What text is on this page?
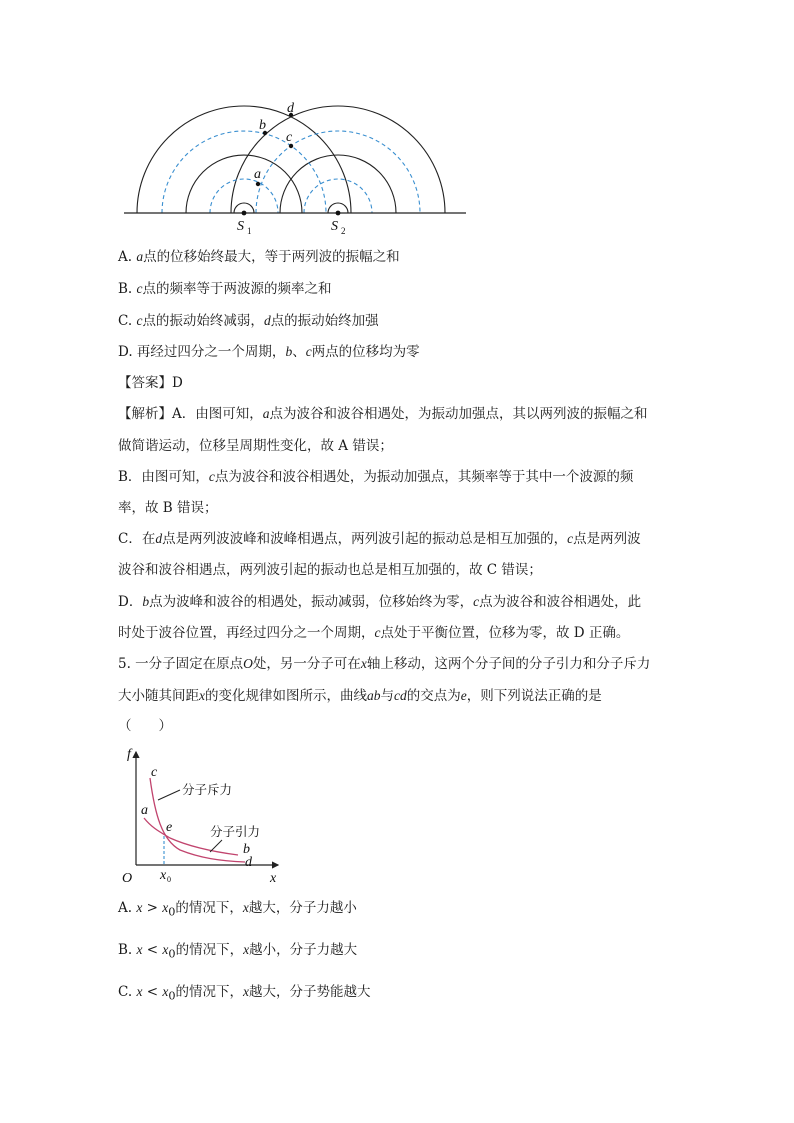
d
b
c
a
S	S
1	2
A. a点的位移始终最大，等于两列波的振幅之和
B. c点的频率等于两波源的频率之和
C. c点的振动始终减弱，d点的振动始终加强
D. 再经过四分之一个周期，b、c两点的位移均为零
【答案】D
【解析】A．由图可知，a点为波谷和波谷相遇处，为振动加强点，其以两列波的振幅之和
做简谐运动，位移呈周期性变化，故 A 错误；
B．由图可知，c点为波谷和波谷相遇处，为振动加强点，其频率等于其中一个波源的频
率，故 B 错误；
C．在d点是两列波波峰和波峰相遇点，两列波引起的振动总是相互加强的，c点是两列波
波谷和波谷相遇点，两列波引起的振动也总是相互加强的，故 C 错误；
D．b点为波峰和波谷的相遇处，振动减弱，位移始终为零，c点为波谷和波谷相遇处，此
时处于波谷位置，再经过四分之一个周期，c点处于平衡位置，位移为零，故 D 正确。
5. 一分子固定在原点O处，另一分子可在x轴上移动，这两个分子间的分子引力和分子斥力
大小随其间距x的变化规律如图所示，曲线ab与cd的交点为e，则下列说法正确的是
（　　）
f
c
a
e
b
d
O x	x
0
分子斥力
分子引力
A. $x > x_0$的情况下，x越大，分子力越小
B. $x < x_0$的情况下，x越小，分子力越大
C. $x < x_0$的情况下，x越大，分子势能越大
